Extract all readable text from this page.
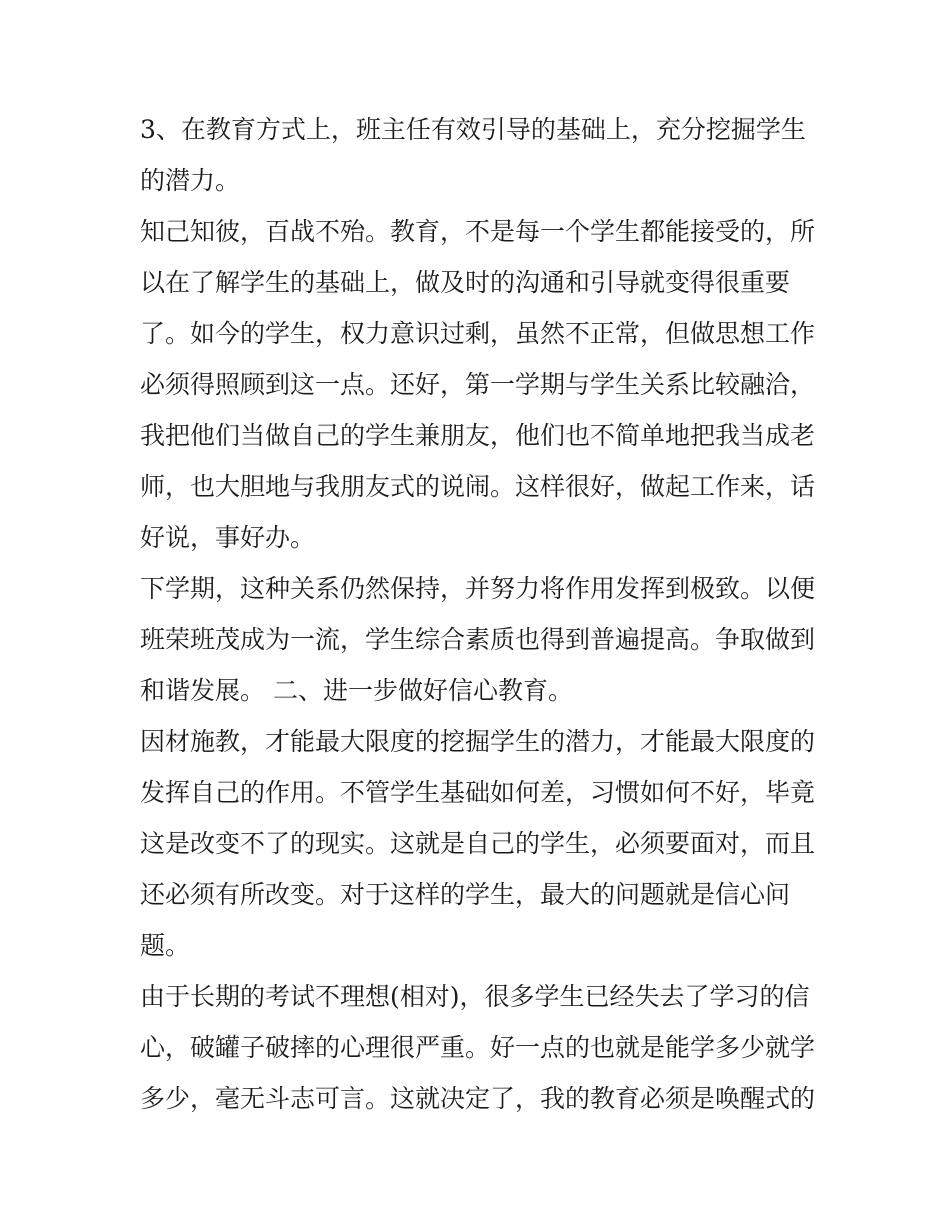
3、在教育方式上，班主任有效引导的基础上，充分挖掘学生
的潜力。
知己知彼，百战不殆。教育，不是每一个学生都能接受的，所
以在了解学生的基础上，做及时的沟通和引导就变得很重要
了。如今的学生，权力意识过剩，虽然不正常，但做思想工作
必须得照顾到这一点。还好，第一学期与学生关系比较融洽，
我把他们当做自己的学生兼朋友，他们也不简单地把我当成老
师，也大胆地与我朋友式的说闹。这样很好，做起工作来，话
好说，事好办。
下学期，这种关系仍然保持，并努力将作用发挥到极致。以便
班荣班茂成为一流，学生综合素质也得到普遍提高。争取做到
和谐发展。 二、进一步做好信心教育。
因材施教，才能最大限度的挖掘学生的潜力，才能最大限度的
发挥自己的作用。不管学生基础如何差，习惯如何不好，毕竟
这是改变不了的现实。这就是自己的学生，必须要面对，而且
还必须有所改变。对于这样的学生，最大的问题就是信心问
题。
由于长期的考试不理想(相对)，很多学生已经失去了学习的信
心，破罐子破摔的心理很严重。好一点的也就是能学多少就学
多少，毫无斗志可言。这就决定了，我的教育必须是唤醒式的
